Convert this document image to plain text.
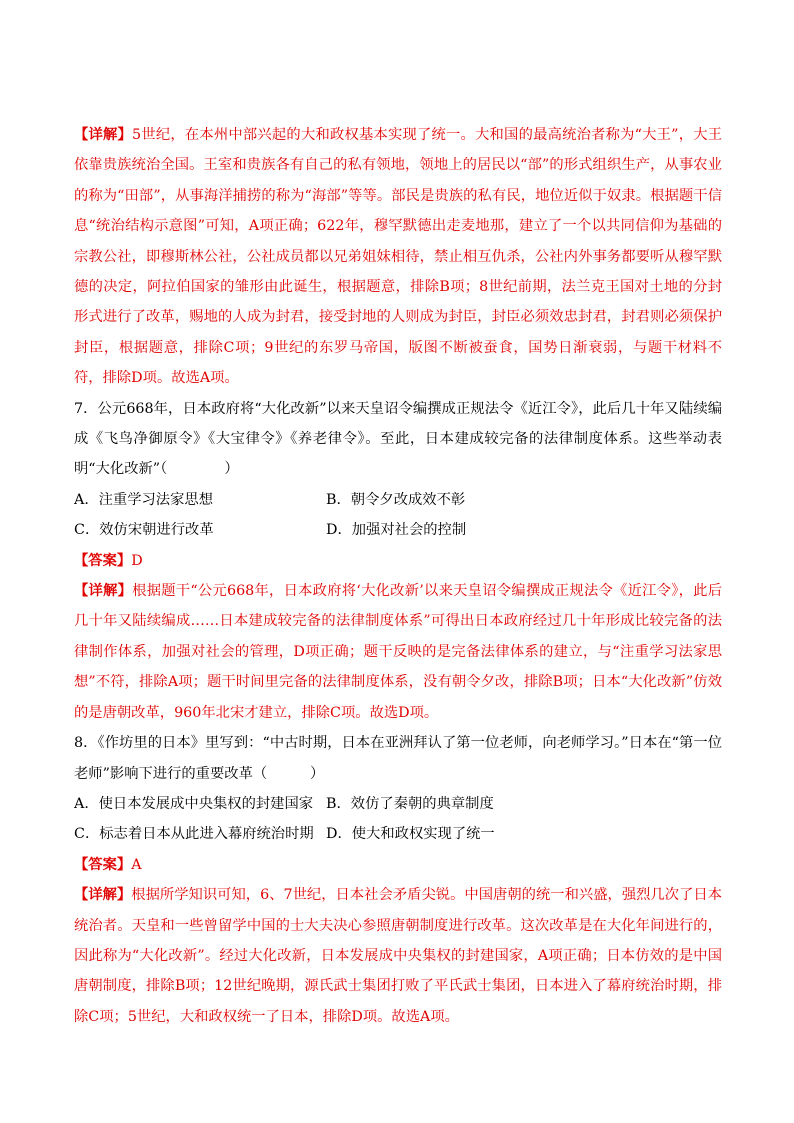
【详解】5世纪，在本州中部兴起的大和政权基本实现了统一。大和国的最高统治者称为“大王”，大王依靠贵族统治全国。王室和贵族各有自己的私有领地，领地上的居民以“部”的形式组织生产，从事农业的称为“田部”，从事海洋捕捞的称为“海部”等等。部民是贵族的私有民，地位近似于奴隶。根据题干信息“统治结构示意图”可知，A项正确；622年，穆罕默德出走麦地那，建立了一个以共同信仰为基础的宗教公社，即穆斯林公社，公社成员都以兄弟姐妹相待，禁止相互仇杀，公社内外事务都要听从穆罕默德的决定，阿拉伯国家的雏形由此诞生，根据题意，排除B项；8世纪前期，法兰克王国对土地的分封形式进行了改革，赐地的人成为封君，接受封地的人则成为封臣，封臣必须效忠封君，封君则必须保护封臣，根据题意，排除C项；9世纪的东罗马帝国，版图不断被蚕食，国势日渐衰弱，与题干材料不符，排除D项。故选A项。

7．公元668年，日本政府将“大化改新”以来天皇诏令编撰成正规法令《近江令》，此后几十年又陆续编成《飞鸟净御原令》《大宝律令》《养老律令》。至此，日本建成较完备的法律制度体系。这些举动表明“大化改新”（　　　　）

A．注重学习法家思想	B．朝令夕改成效不彰
C．效仿宋朝进行改革	D．加强对社会的控制

【答案】D

【详解】根据题干“公元668年，日本政府将‘大化改新’以来天皇诏令编撰成正规法令《近江令》，此后几十年又陆续编成……日本建成较完备的法律制度体系”可得出日本政府经过几十年形成比较完备的法律制作体系，加强对社会的管理，D项正确；题干反映的是完备法律体系的建立，与“注重学习法家思想”不符，排除A项；题干时间里完备的法律制度体系，没有朝令夕改，排除B项；日本“大化改新”仿效的是唐朝改革，960年北宋才建立，排除C项。故选D项。

8．《作坊里的日本》里写到：“中古时期，日本在亚洲拜认了第一位老师，向老师学习。”日本在“第一位老师”影响下进行的重要改革（　　　）

A．使日本发展成中央集权的封建国家 B．效仿了秦朝的典章制度
C．标志着日本从此进入幕府统治时期 D．使大和政权实现了统一

【答案】A

【详解】根据所学知识可知，6、7世纪，日本社会矛盾尖锐。中国唐朝的统一和兴盛，强烈几次了日本统治者。天皇和一些曾留学中国的士大夫决心参照唐朝制度进行改革。这次改革是在大化年间进行的，因此称为“大化改新”。经过大化改新，日本发展成中央集权的封建国家，A项正确；日本仿效的是中国唐朝制度，排除B项；12世纪晚期，源氏武士集团打败了平氏武士集团，日本进入了幕府统治时期，排除C项；5世纪，大和政权统一了日本，排除D项。故选A项。
